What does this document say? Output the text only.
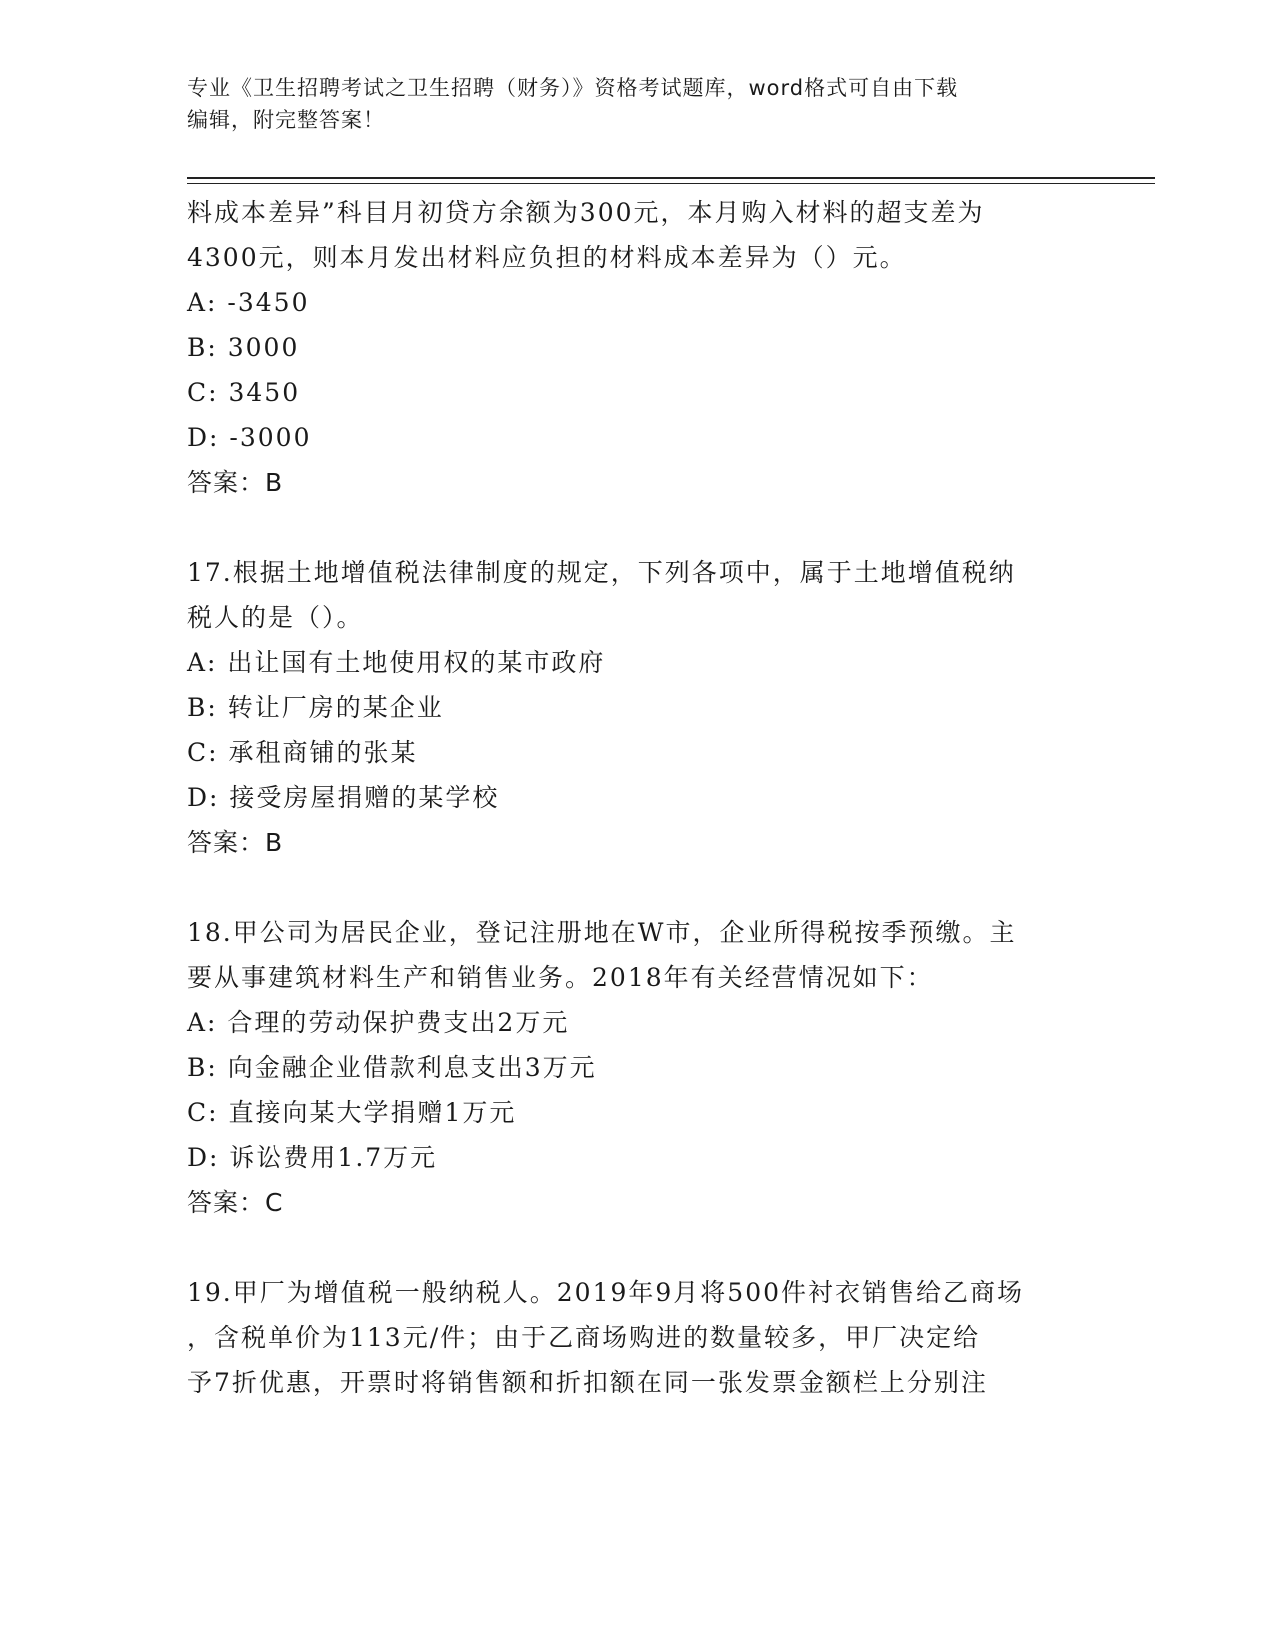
专业《卫生招聘考试之卫生招聘（财务）》资格考试题库，word格式可自由下载
编辑，附完整答案！
料成本差异”科目月初贷方余额为300元，本月购入材料的超支差为
4300元，则本月发出材料应负担的材料成本差异为（）元。
A: -3450
B: 3000
C: 3450
D: -3000
答案：B
17.根据土地增值税法律制度的规定，下列各项中，属于土地增值税纳
税人的是（）。
A: 出让国有土地使用权的某市政府
B: 转让厂房的某企业
C: 承租商铺的张某
D: 接受房屋捐赠的某学校
答案：B
18.甲公司为居民企业，登记注册地在W市，企业所得税按季预缴。主
要从事建筑材料生产和销售业务。2018年有关经营情况如下：
A: 合理的劳动保护费支出2万元
B: 向金融企业借款利息支出3万元
C: 直接向某大学捐赠1万元
D: 诉讼费用1.7万元
答案：C
19.甲厂为增值税一般纳税人。2019年9月将500件衬衣销售给乙商场
，含税单价为113元/件；由于乙商场购进的数量较多，甲厂决定给
予7折优惠，开票时将销售额和折扣额在同一张发票金额栏上分别注
